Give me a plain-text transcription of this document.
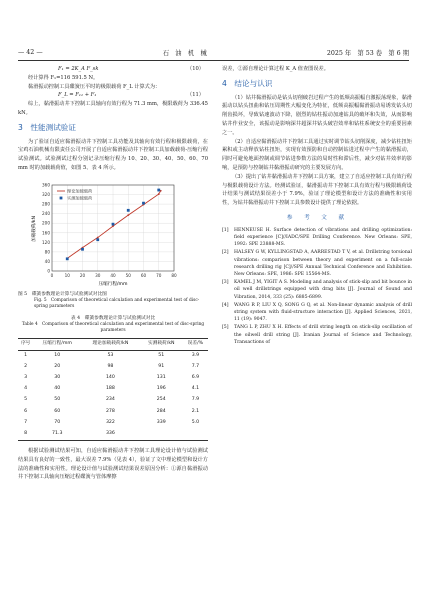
— 42 —	石　油　机　械	2025 年　第 53 卷　第 6 期
F₁ = 2K_A F_sk	（10）

经计算得 F₁=116 591.5 N。

黏滑振动控制工具碟簧压平时的极限载荷 F_L 计算式为：

F_L = F₁₁ + F₁	（11）

综上，黏滑振动井下控制工具轴向有效行程为 71.3 mm，极限载荷为 336.45 kN。

3　性能测试验证

为了验证自适应黏滑振动井下控制工具功能及其轴向有效行程和极限载荷，在宝鸡石油机械有限责任公司开展了自适应黏滑振动井下控制工具加载载荷-压缩行程试验测试。试验测试过程分别记录压缩行程为 10、20、30、40、50、60、70 mm 时的加载载荷值，如图 5、表 4 所示。

0
40
80
120
160
200
240
280
320
360
0	10 20 30 40 50 60 70 80
理论加载载荷
实测加载载荷
压缩行程/mm
加载载荷/kN
图 5　碟簧参数理论计算与试验测试对比图
Fig. 5　Comparison of theoretical calculation and experimental test of disc-spring parameters
表 4　碟簧参数理论计算与试验测试对比
Table 4　Comparison of theoretical calculation and experimental test of disc-spring parameters
序号	压缩行程/mm	理论加载载荷/kN	实测载荷/kN	误差/%
1	10	53	51	3.9
2	20	98	91	7.7
3	30	140	131	6.9
4	40	188	196	4.1
5	50	234	254	7.9
6	60	278	284	2.1
7	70	322	339	5.0
8	71.3	336		

根据试验测试结果可知，自适应黏滑振动井下控制工具理论设计值与试验测试结果具有良好的一致性，最大误差 7.9%（见表 4），验证了文中理论模型和设计方法的准确性和实用性。理论设计值与试验测试结果误差原因分析：①源自黏滑振动井下控制工具轴向压缩过程碟簧与管体摩擦

误差，②源自理论计算过程 K_A 值查图误差。

4　结论与认识

（1）钻井黏滑振动是钻头切削破岩过程产生的低频高振幅自激振荡现象，黏滑振动以钻头扭曲和钻压周期性大幅变化为特征，低频高振幅黏滑振动易诱发钻头切削齿损坏，导致钻速波动下降，剧烈的钻柱振动加速钻具的破坏和失效，从而影响钻井作业安全，该振动是影响深井超深井钻头破岩效率和钻柱系统安全的重要因素之一。

（2）自适应黏滑振动井下控制工具通过实时调节钻头切削深度，减少钻柱扭矩累积或主动释放钻柱扭矩，实现有效预防和自动控制钻进过程中产生的黏滑振动，同时可避免地面控制或调节钻进参数方法的局时性和滞后性，减少对钻井效率的影响，是预防与控制钻井黏滑振动研究的主要发展方向。

（3）提出了钻井黏滑振动井下控制工具方案，建立了自适应控制工具有效行程与极限载荷设计方法。经测试验证，黏滑振动井下控制工具有效行程与极限载荷设计结果与测试结果误差小于 7.9%，验证了理论模型和设计方法的准确性和实用性，为钻井黏滑振动井下控制工具参数设计提供了理论依据。

参　考　文　献
[1]	HENNEUSE H. Surface detection of vibrations and drilling optimization: field experience [C]//IADC/SPE Drilling Conference. New Orleans: SPE, 1992: SPE 23888-MS.
[2]	HALSEY G W, KYLLINGSTAD A, AARRESTAD T V, et al. Drillstring torsional vibrations: comparison between theory and experiment on a full-scale research drilling rig [C]//SPE Annual Technical Conference and Exhibition. New Orleans: SPE, 1986: SPE 15564-MS.
[3]	KAMEL J M, YIGIT A S. Modeling and analysis of stick-slip and bit bounce in oil well drillstrings equipped with drag bits [J]. Journal of Sound and Vibration, 2014, 333 (25): 6885-6899.
[4]	WANG R P, LIU X Q, SONG G Q, et al. Non-linear dynamic analysis of drill string system with fluid-structure interaction [J]. Applied Sciences, 2021, 11 (19): 9047.
[5]	TANG L P, ZHU X H. Effects of drill string length on stick-slip oscillation of the oilwell drill string [J]. Iranian Journal of Science and Technology, Transactions of
